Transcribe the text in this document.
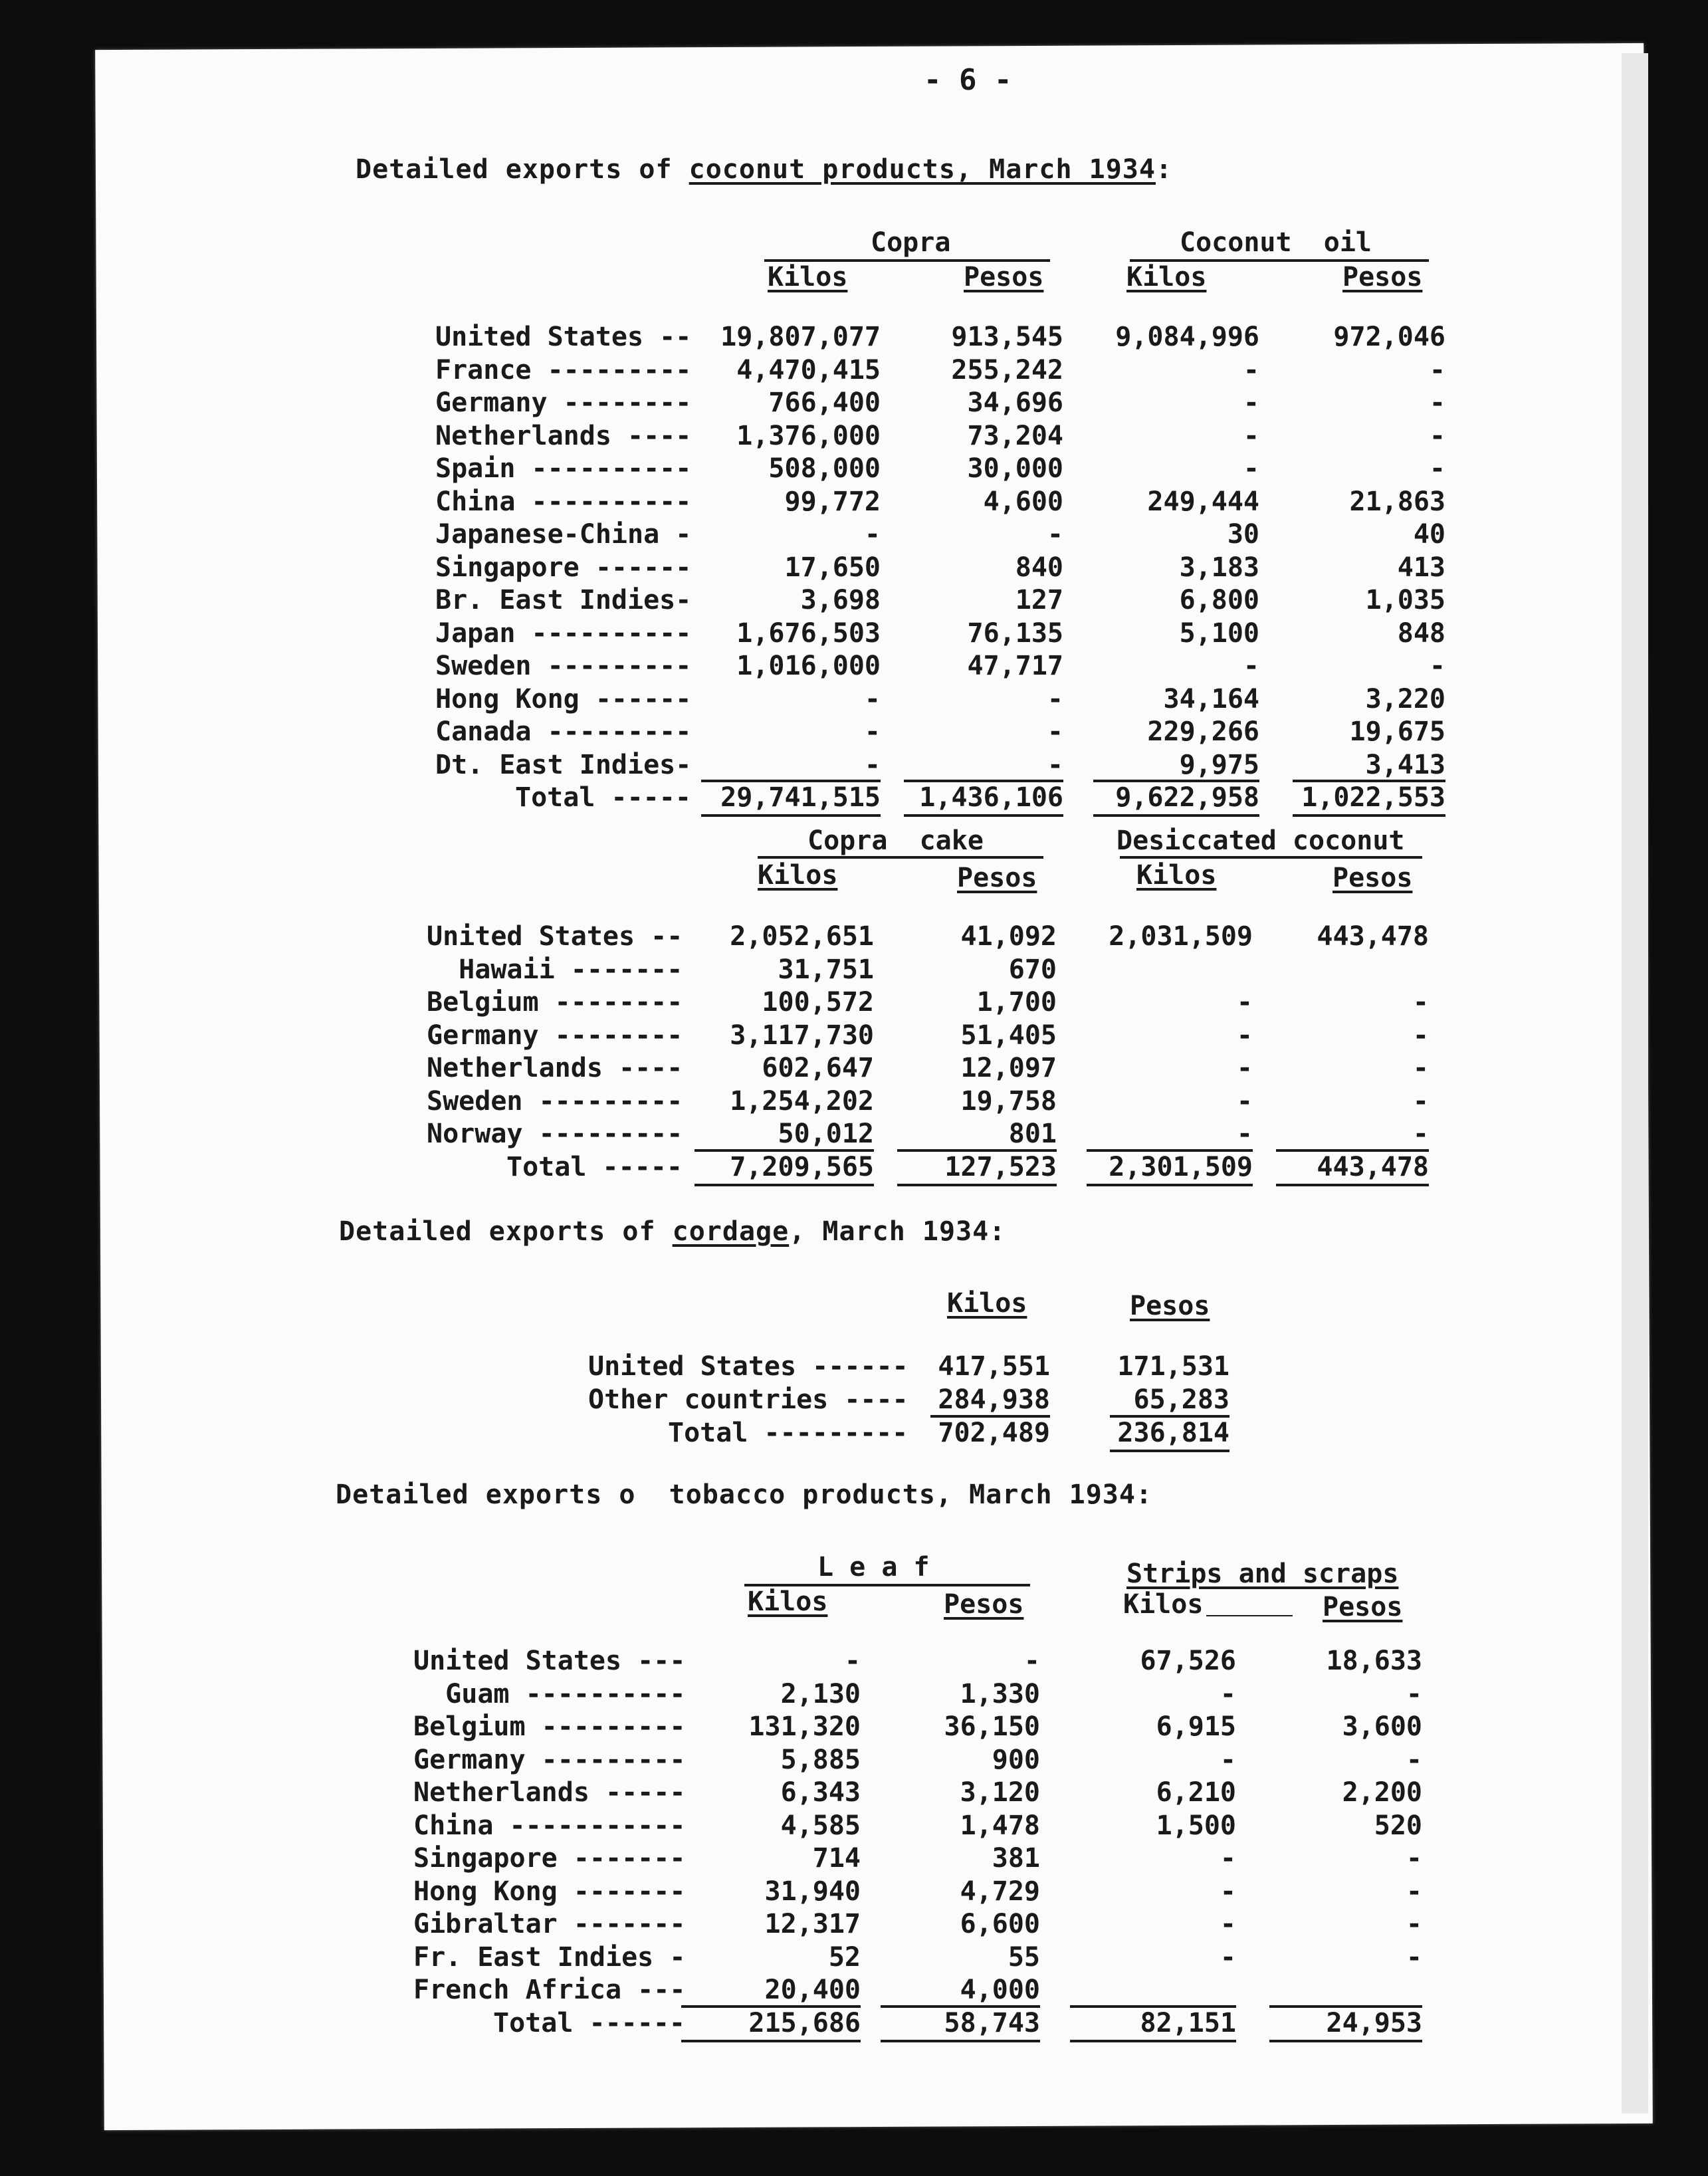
- 6 -
Detailed exports of coconut products, March 1934:
Copra	Coconut  oil
Kilos	Pesos	Kilos	Pesos
United States -- 19,807,077	913,545 9,084,996	972,046
France --------- 4,470,415	255,242	-	-
Germany --------	766,400	34,696	-	-
Netherlands ---- 1,376,000	73,204	-	-
Spain ----------	508,000	30,000	-	-
China ----------	99,772	4,600	249,444	21,863
Japanese-China -	-	-	30	40
Singapore ------	17,650	840	3,183	413
Br. East Indies-	3,698	127	6,800	1,035
Japan ---------- 1,676,503	76,135	5,100	848
Sweden --------- 1,016,000	47,717	-	-
Hong Kong ------	-	-	34,164	3,220
Canada ---------	-	-	229,266	19,675
Dt. East Indies-	-	-	9,975	3,413
Total ----- 29,741,515 1,436,106 9,622,958 1,022,553
Copra  cake	Desiccated coconut
Kilos	Pesos	Kilos	Pesos
United States -- 2,052,651	41,092 2,031,509 443,478
Hawaii -------	31,751	670
Belgium --------	100,572	1,700	-	-
Germany -------- 3,117,730	51,405	-	-
Netherlands ----	602,647	12,097	-	-
Sweden --------- 1,254,202	19,758	-	-
Norway ---------	50,012	801	-	-
Total ----- 7,209,565	127,523 2,301,509 443,478
Detailed exports of cordage, March 1934:
Kilos	Pesos
United States ------ 417,551	171,531
Other countries ---- 284,938	65,283
Total --------- 702,489	236,814
Detailed exports o  tobacco products, March 1934:
L e a f	Strips and scraps
Kilos	Pesos	Kilos	Pesos
United States ---	-	-	67,526	18,633
Guam ----------	2,130	1,330	-	-
Belgium --------- 131,320	36,150	6,915	3,600
Germany ---------	5,885	900	-	-
Netherlands -----	6,343	3,120	6,210	2,200
China -----------	4,585	1,478	1,500	520
Singapore -------	714	381	-	-
Hong Kong -------	31,940	4,729	-	-
Gibraltar -------	12,317	6,600	-	-
Fr. East Indies -	52	55	-	-
French Africa ---	20,400	4,000
Total ------ 215,686	58,743	82,151	24,953
